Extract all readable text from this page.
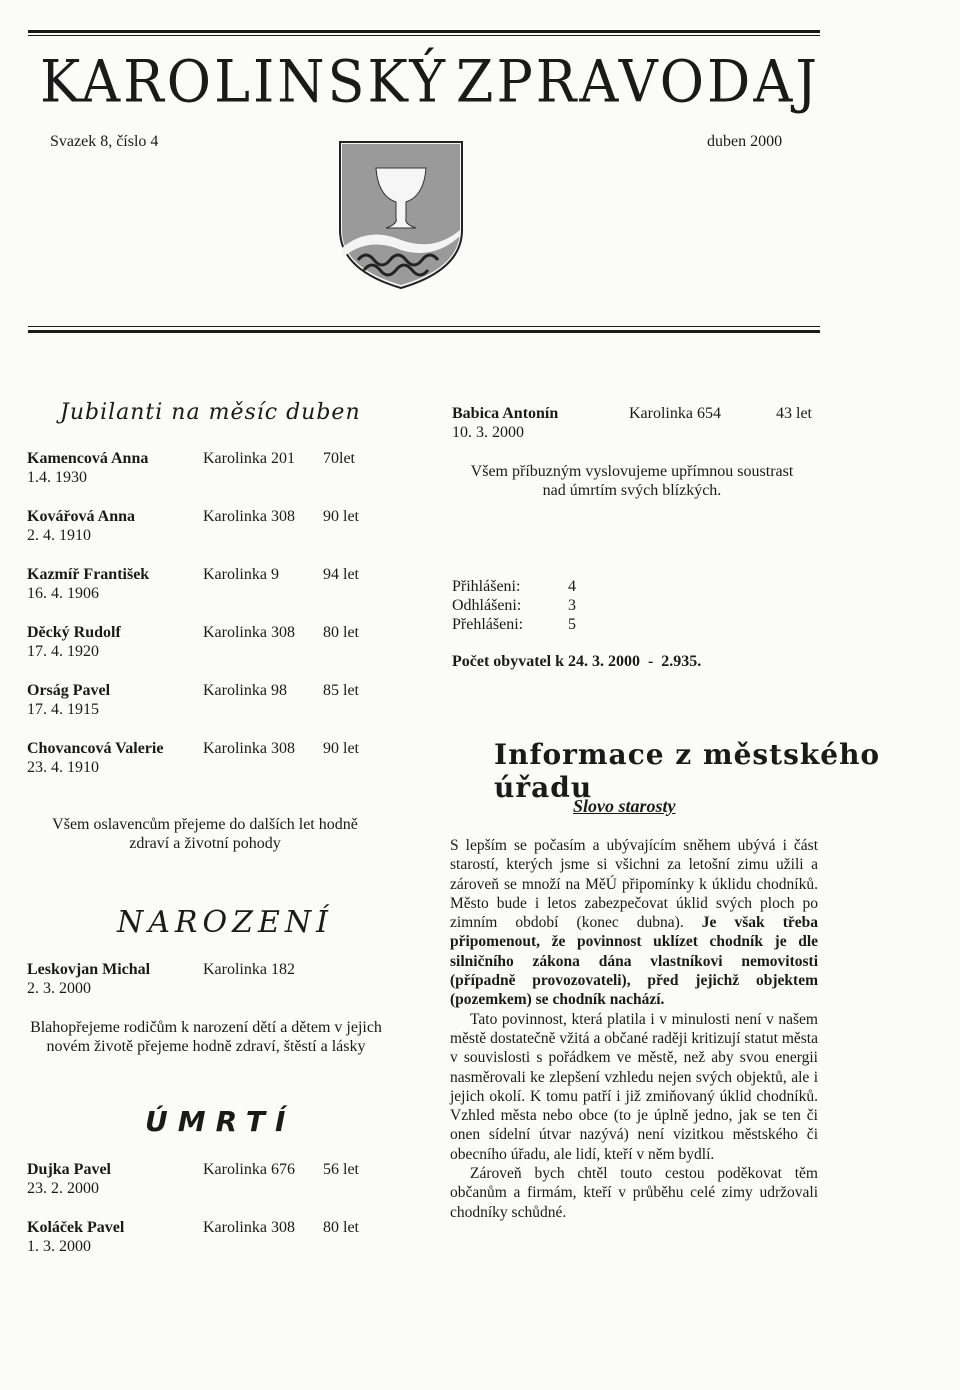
KAROLINSKÝ ZPRAVODAJ
Svazek 8, číslo 4	duben 2000
Jubilanti na měsíc duben
Kamencová Anna	Karolinka 201 70let
1.4. 1930
Kovářová Anna	Karolinka 308 90 let
2. 4. 1910
Kazmíř František	Karolinka 9	94 let
16. 4. 1906
Děcký Rudolf	Karolinka 308 80 let
17. 4. 1920
Orság Pavel	Karolinka 98 85 let
17. 4. 1915
Chovancová Valerie Karolinka 308 90 let
23. 4. 1910
Všem oslavencům přejeme do dalších let hodně zdraví a životní pohody
NAROZENÍ
Leskovjan Michal	Karolinka 182
2. 3. 2000
Blahopřejeme rodičům k narození dětí a dětem v jejich novém životě přejeme hodně zdraví, štěstí a lásky
ÚMRTÍ
Dujka Pavel	Karolinka 676 56 let
23. 2. 2000
Koláček Pavel	Karolinka 308 80 let
1. 3. 2000
Babica Antonín	Karolinka 654	43 let
10. 3. 2000
Všem příbuzným vyslovujeme upřímnou soustrast
nad úmrtím svých blízkých.
Přihlášeni:	4
Odhlášeni:	3
Přehlášeni:	5
Počet obyvatel k 24. 3. 2000  -  2.935.
Informace z městského úřadu
Slovo starosty

S lepším se počasím a ubývajícím sněhem ubývá i část starostí, kterých jsme si všichni za letošní zimu užili a zároveň se množí na MěÚ připomínky k úklidu chodníků. Město bude i letos zabezpečovat úklid svých ploch po zimním období (konec dubna). Je však třeba připomenout, že povinnost uklízet chodník je dle silničního zákona dána vlastníkovi nemovitosti (případně provozovateli), před jejichž objektem (pozemkem) se chodník nachází.

Tato povinnost, která platila i v minulosti není v našem městě dostatečně vžitá a občané raději kritizují statut města v souvislosti s pořádkem ve městě, než aby svou energii nasměrovali ke zlepšení vzhledu nejen svých objektů, ale i jejich okolí. K tomu patří i již zmiňovaný úklid chodníků. Vzhled města nebo obce (to je úplně jedno, jak se ten či onen sídelní útvar nazývá) není vizitkou městského či obecního úřadu, ale lidí, kteří v něm bydlí.

Zároveň bych chtěl touto cestou poděkovat těm občanům a firmám, kteří v průběhu celé zimy udržovali chodníky schůdné.
